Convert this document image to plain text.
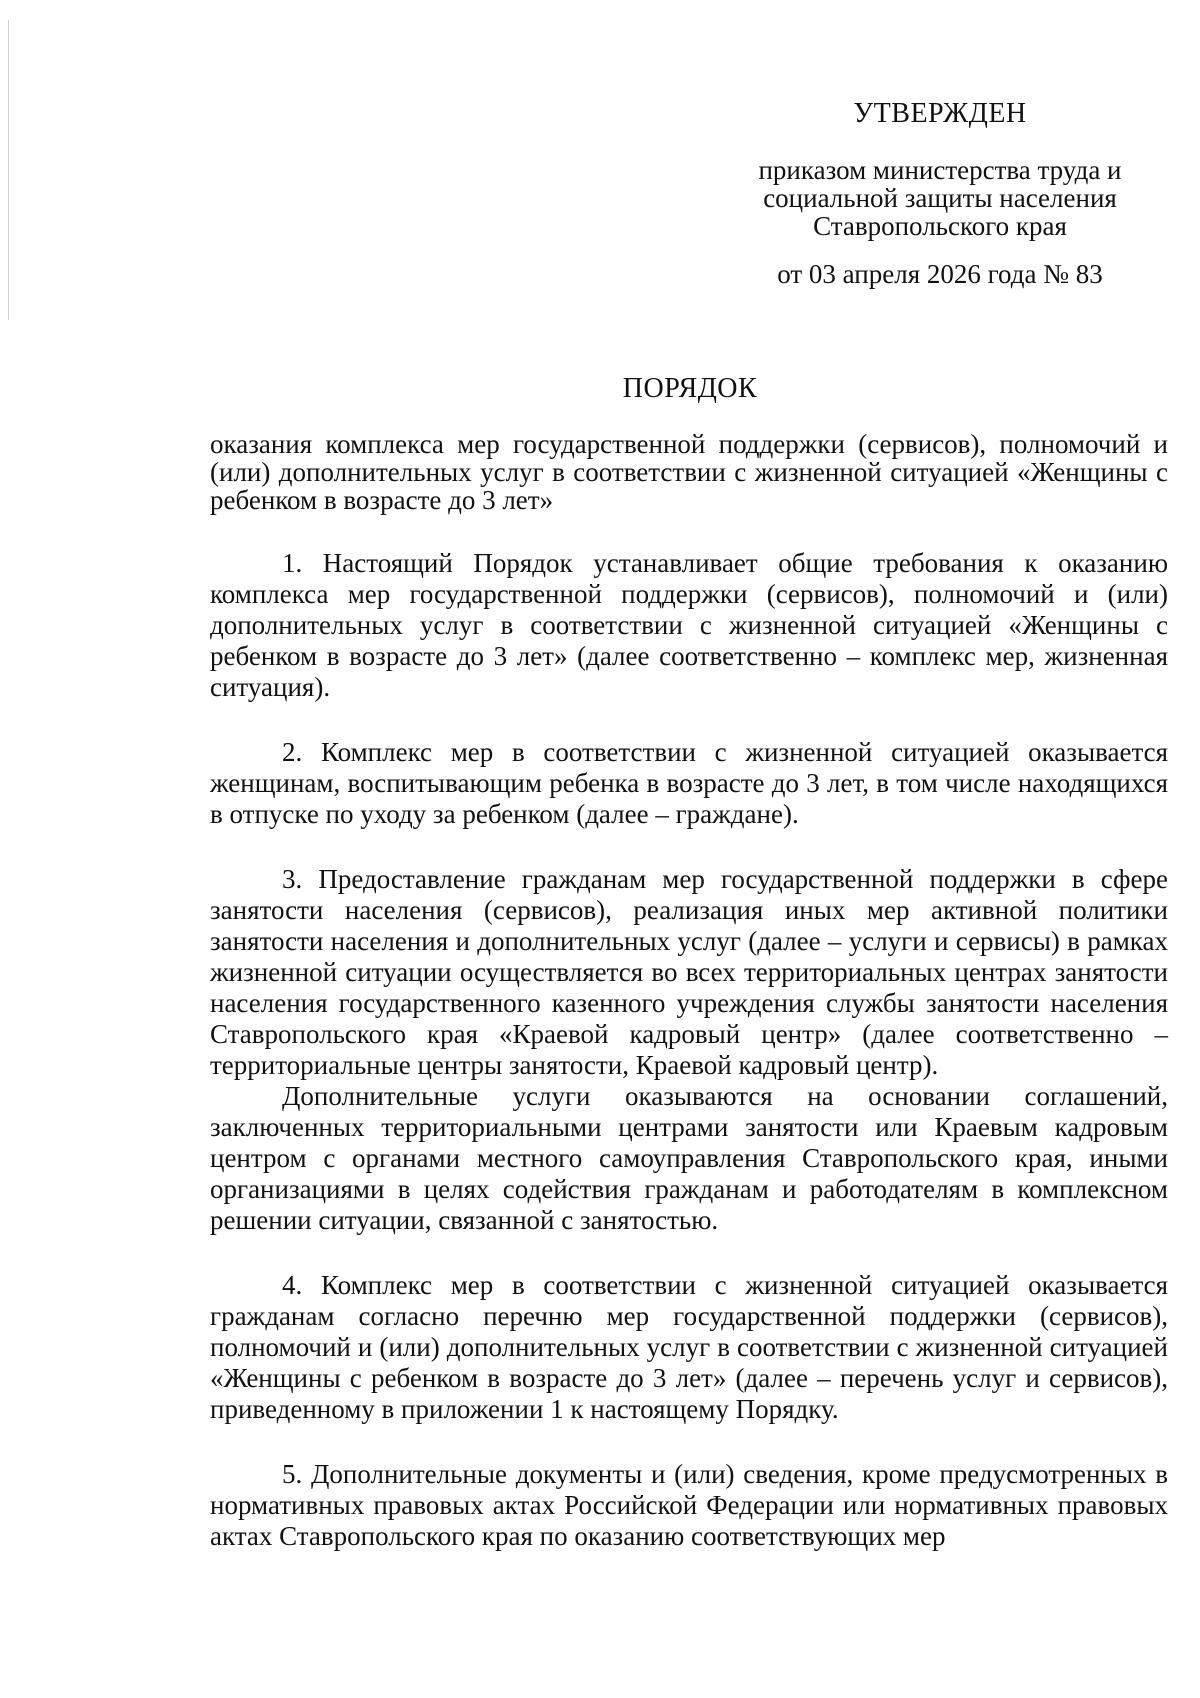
УТВЕРЖДЕН
приказом министерства труда и
социальной защиты населения
Ставропольского края
от 03 апреля 2026 года № 83
ПОРЯДОК
оказания комплекса мер государственной поддержки (сервисов), полномочий и (или) дополнительных услуг в соответствии с жизненной ситуацией «Женщины с ребенком в возрасте до 3 лет»

1. Настоящий Порядок устанавливает общие требования к оказанию комплекса мер государственной поддержки (сервисов), полномочий и (или) дополнительных услуг в соответствии с жизненной ситуацией «Женщины с ребенком в возрасте до 3 лет» (далее соответственно – комплекс мер, жизненная ситуация).

2. Комплекс мер в соответствии с жизненной ситуацией оказывается женщинам, воспитывающим ребенка в возрасте до 3 лет, в том числе находящихся в отпуске по уходу за ребенком (далее – граждане).

3. Предоставление гражданам мер государственной поддержки в сфере занятости населения (сервисов), реализация иных мер активной политики занятости населения и дополнительных услуг (далее – услуги и сервисы) в рамках жизненной ситуации осуществляется во всех территориальных центрах занятости населения государственного казенного учреждения службы занятости населения Ставропольского края «Краевой кадровый центр» (далее соответственно – территориальные центры занятости, Краевой кадровый центр).

Дополнительные услуги оказываются на основании соглашений, заключенных территориальными центрами занятости или Краевым кадровым центром с органами местного самоуправления Ставропольского края, иными организациями в целях содействия гражданам и работодателям в комплексном решении ситуации, связанной с занятостью.

4. Комплекс мер в соответствии с жизненной ситуацией оказывается гражданам согласно перечню мер государственной поддержки (сервисов), полномочий и (или) дополнительных услуг в соответствии с жизненной ситуацией «Женщины с ребенком в возрасте до 3 лет» (далее – перечень услуг и сервисов), приведенному в приложении 1 к настоящему Порядку.

5. Дополнительные документы и (или) сведения, кроме предусмотренных в нормативных правовых актах Российской Федерации или нормативных правовых актах Ставропольского края по оказанию соответствующих мер
